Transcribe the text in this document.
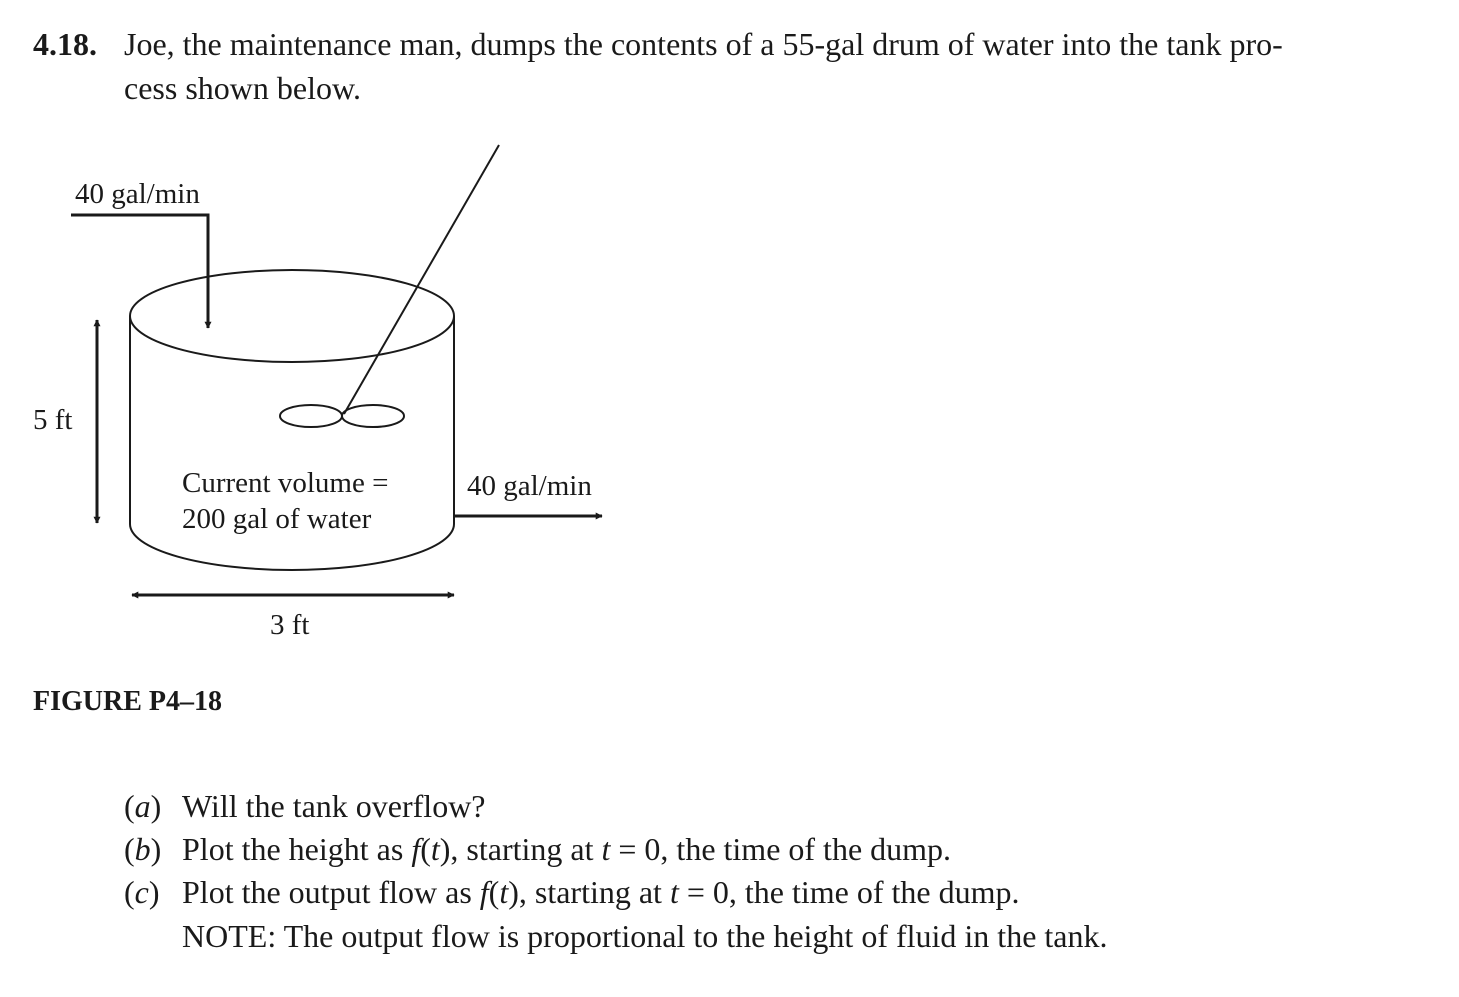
4.18. Joe, the maintenance man, dumps the contents of a 55-gal drum of water into the tank pro-
cess shown below.
40 gal/min
5 ft
Current volume =
200 gal of water
40 gal/min
3 ft
FIGURE P4–18
(a) Will the tank overflow?
(b) Plot the height as f(t), starting at t = 0, the time of the dump.
(c) Plot the output flow as f(t), starting at t = 0, the time of the dump.
NOTE: The output flow is proportional to the height of fluid in the tank.
